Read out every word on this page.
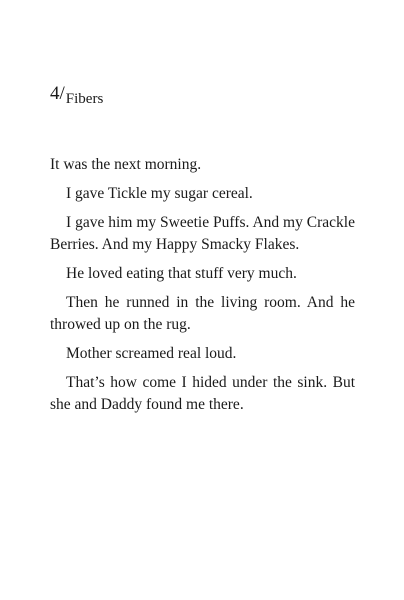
4/Fibers

It was the next morning.

I gave Tickle my sugar cereal.

I gave him my Sweetie Puffs. And my Crackle Berries. And my Happy Smacky Flakes.

He loved eating that stuff very much.

Then he runned in the living room. And he throwed up on the rug.

Mother screamed real loud.

That’s how come I hided under the sink. But she and Daddy found me there.
